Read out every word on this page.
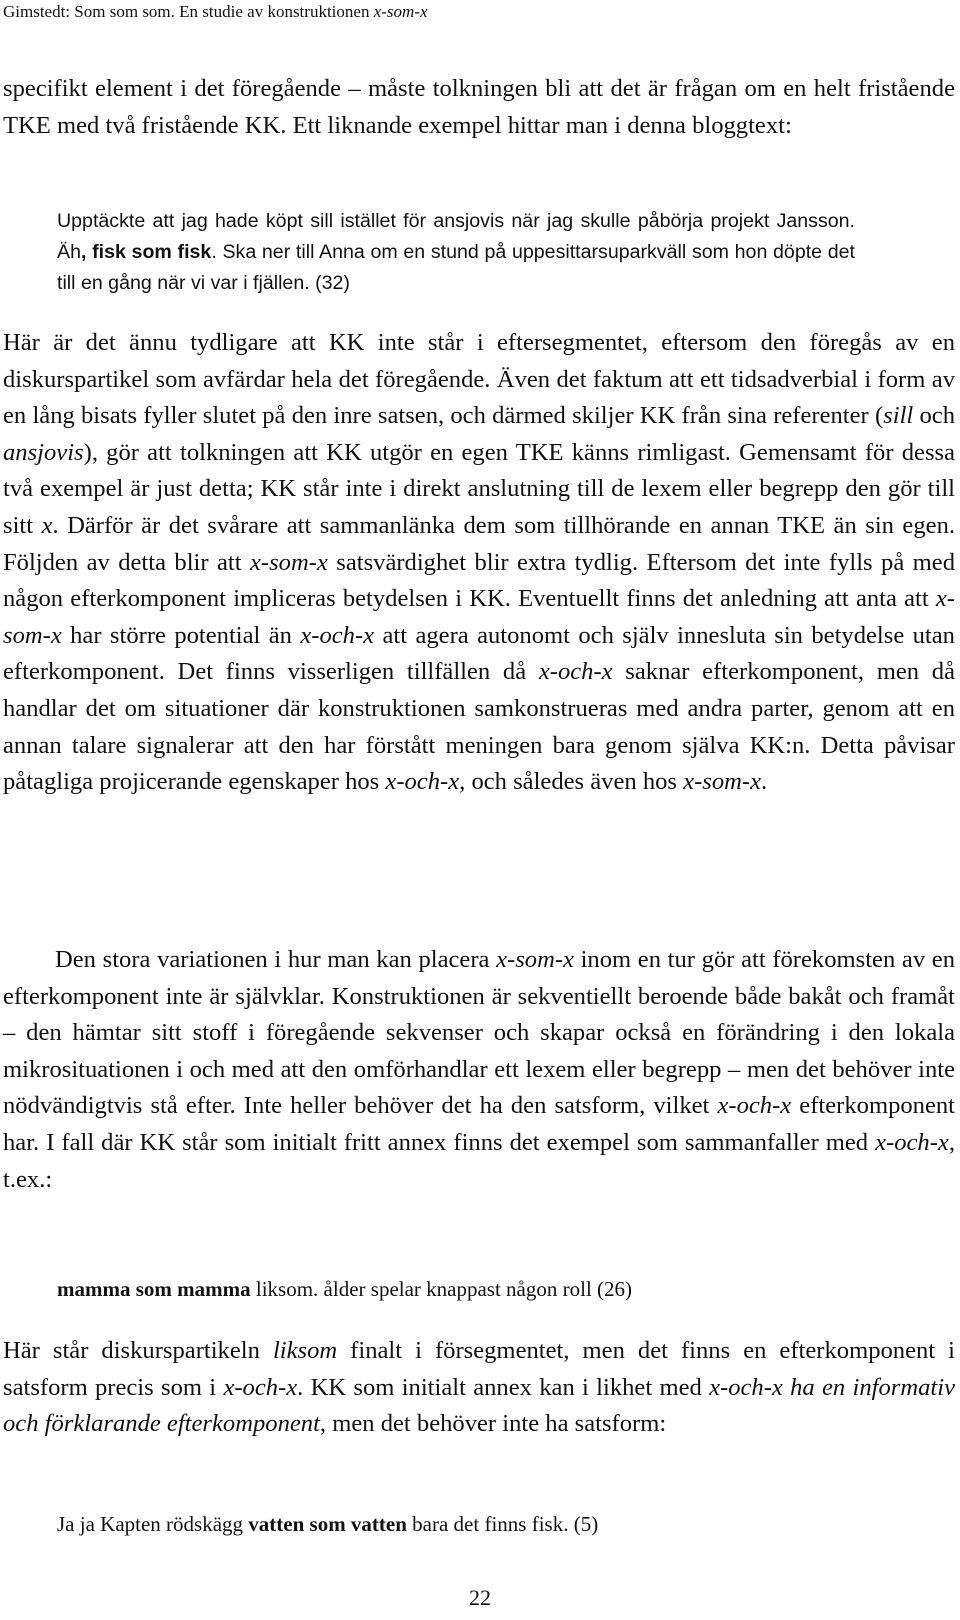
Gimstedt: Som som som. En studie av konstruktionen x-som-x
specifikt element i det föregående – måste tolkningen bli att det är frågan om en helt fristående TKE med två fristående KK. Ett liknande exempel hittar man i denna bloggtext:
Upptäckte att jag hade köpt sill istället för ansjovis när jag skulle påbörja projekt Jansson. Äh, fisk som fisk. Ska ner till Anna om en stund på uppesittarsuparkväll som hon döpte det till en gång när vi var i fjällen. (32)
Här är det ännu tydligare att KK inte står i eftersegmentet, eftersom den föregås av en diskurspartikel som avfärdar hela det föregående. Även det faktum att ett tidsadverbial i form av en lång bisats fyller slutet på den inre satsen, och därmed skiljer KK från sina referenter (sill och ansjovis), gör att tolkningen att KK utgör en egen TKE känns rimligast. Gemensamt för dessa två exempel är just detta; KK står inte i direkt anslutning till de lexem eller begrepp den gör till sitt x. Därför är det svårare att sammanlänka dem som tillhörande en annan TKE än sin egen. Följden av detta blir att x-som-x satsvärdighet blir extra tydlig. Eftersom det inte fylls på med någon efterkomponent impliceras betydelsen i KK. Eventuellt finns det anledning att anta att x-som-x har större potential än x-och-x att agera autonomt och själv innesluta sin betydelse utan efterkomponent. Det finns visserligen tillfällen då x-och-x saknar efterkomponent, men då handlar det om situationer där konstruktionen samkonstrueras med andra parter, genom att en annan talare signalerar att den har förstått meningen bara genom själva KK:n. Detta påvisar påtagliga projicerande egenskaper hos x-och-x, och således även hos x-som-x.
Den stora variationen i hur man kan placera x-som-x inom en tur gör att förekomsten av en efterkomponent inte är självklar. Konstruktionen är sekventiellt beroende både bakåt och framåt – den hämtar sitt stoff i föregående sekvenser och skapar också en förändring i den lokala mikrosituationen i och med att den omförhandlar ett lexem eller begrepp – men det behöver inte nödvändigtvis stå efter. Inte heller behöver det ha den satsform, vilket x-och-x efterkomponent har. I fall där KK står som initialt fritt annex finns det exempel som sammanfaller med x-och-x, t.ex.:
mamma som mamma liksom. ålder spelar knappast någon roll (26)
Här står diskurspartikeln liksom finalt i försegmentet, men det finns en efterkomponent i satsform precis som i x-och-x. KK som initialt annex kan i likhet med x-och-x ha en informativ och förklarande efterkomponent, men det behöver inte ha satsform:
Ja ja Kapten rödskägg vatten som vatten bara det finns fisk. (5)
22
